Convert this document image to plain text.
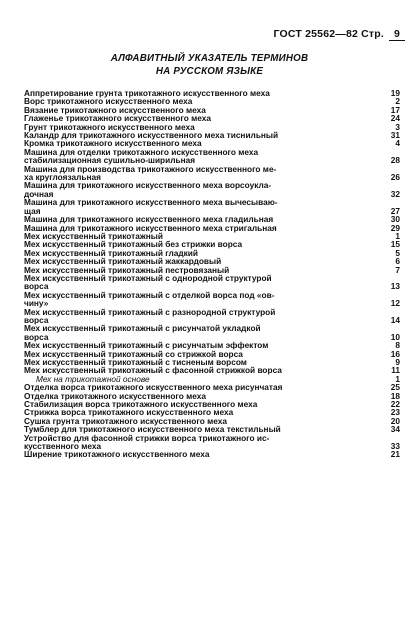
ГОСТ 25562—82 Стр. 9
АЛФАВИТНЫЙ УКАЗАТЕЛЬ ТЕРМИНОВ
НА РУССКОМ ЯЗЫКЕ
Аппретирование грунта трикотажного искусственного меха	19
Ворс трикотажного искусственного меха	2
Вязание трикотажного искусственного меха	17
Глаженье трикотажного искусственного меха	24
Грунт трикотажного искусственного меха	3
Каландр для трикотажного искусственного меха тиснильный	31
Кромка трикотажного искусственного меха	4
Машина для отделки трикотажного искусственного меха
стабилизационная сушильно-ширильная	28
Машина для производства трикотажного искусственного ме-
ха круглоязальная	26
Машина для трикотажного искусственного меха ворсоукла-
дочная	32
Машина для трикотажного искусственного меха вычесываю-
щая	27
Машина для трикотажного искусственного меха гладильная	30
Машина для трикотажного искусственного меха стригальная	29
Мех искусственный трикотажный	1
Мех искусственный трикотажный без стрижки ворса	15
Мех искусственный трикотажный гладкий	5
Мех искусственный трикотажный жаккардовый	6
Мех искусственный трикотажный пестровязаный	7
Мех искусственный трикотажный с однородной структурой
ворса	13
Мех искусственный трикотажный с отделкой ворса под «ов-
чину»	12
Мех искусственный трикотажный с разнородной структурой
ворса	14
Мех искусственный трикотажный с рисунчатой укладкой
ворса	10
Мех искусственный трикотажный с рисунчатым эффектом	8
Мех искусственный трикотажный со стрижкой ворса	16
Мех искусственный трикотажный с тисненым ворсом	9
Мех искусственный трикотажный с фасонной стрижкой ворса	11
Мех на трикотажной основе	1
Отделка ворса трикотажного искусственного меха рисунчатая	25
Отделка трикотажного искусственного меха	18
Стабилизация ворса трикотажного искусственного меха	22
Стрижка ворса трикотажного искусственного меха	23
Сушка грунта трикотажного искусственного меха	20
Тумблер для трикотажного искусственного меха текстильный	34
Устройство для фасонной стрижки ворса трикотажного ис-
кусственного меха	33
Ширение трикотажного искусственного меха	21
